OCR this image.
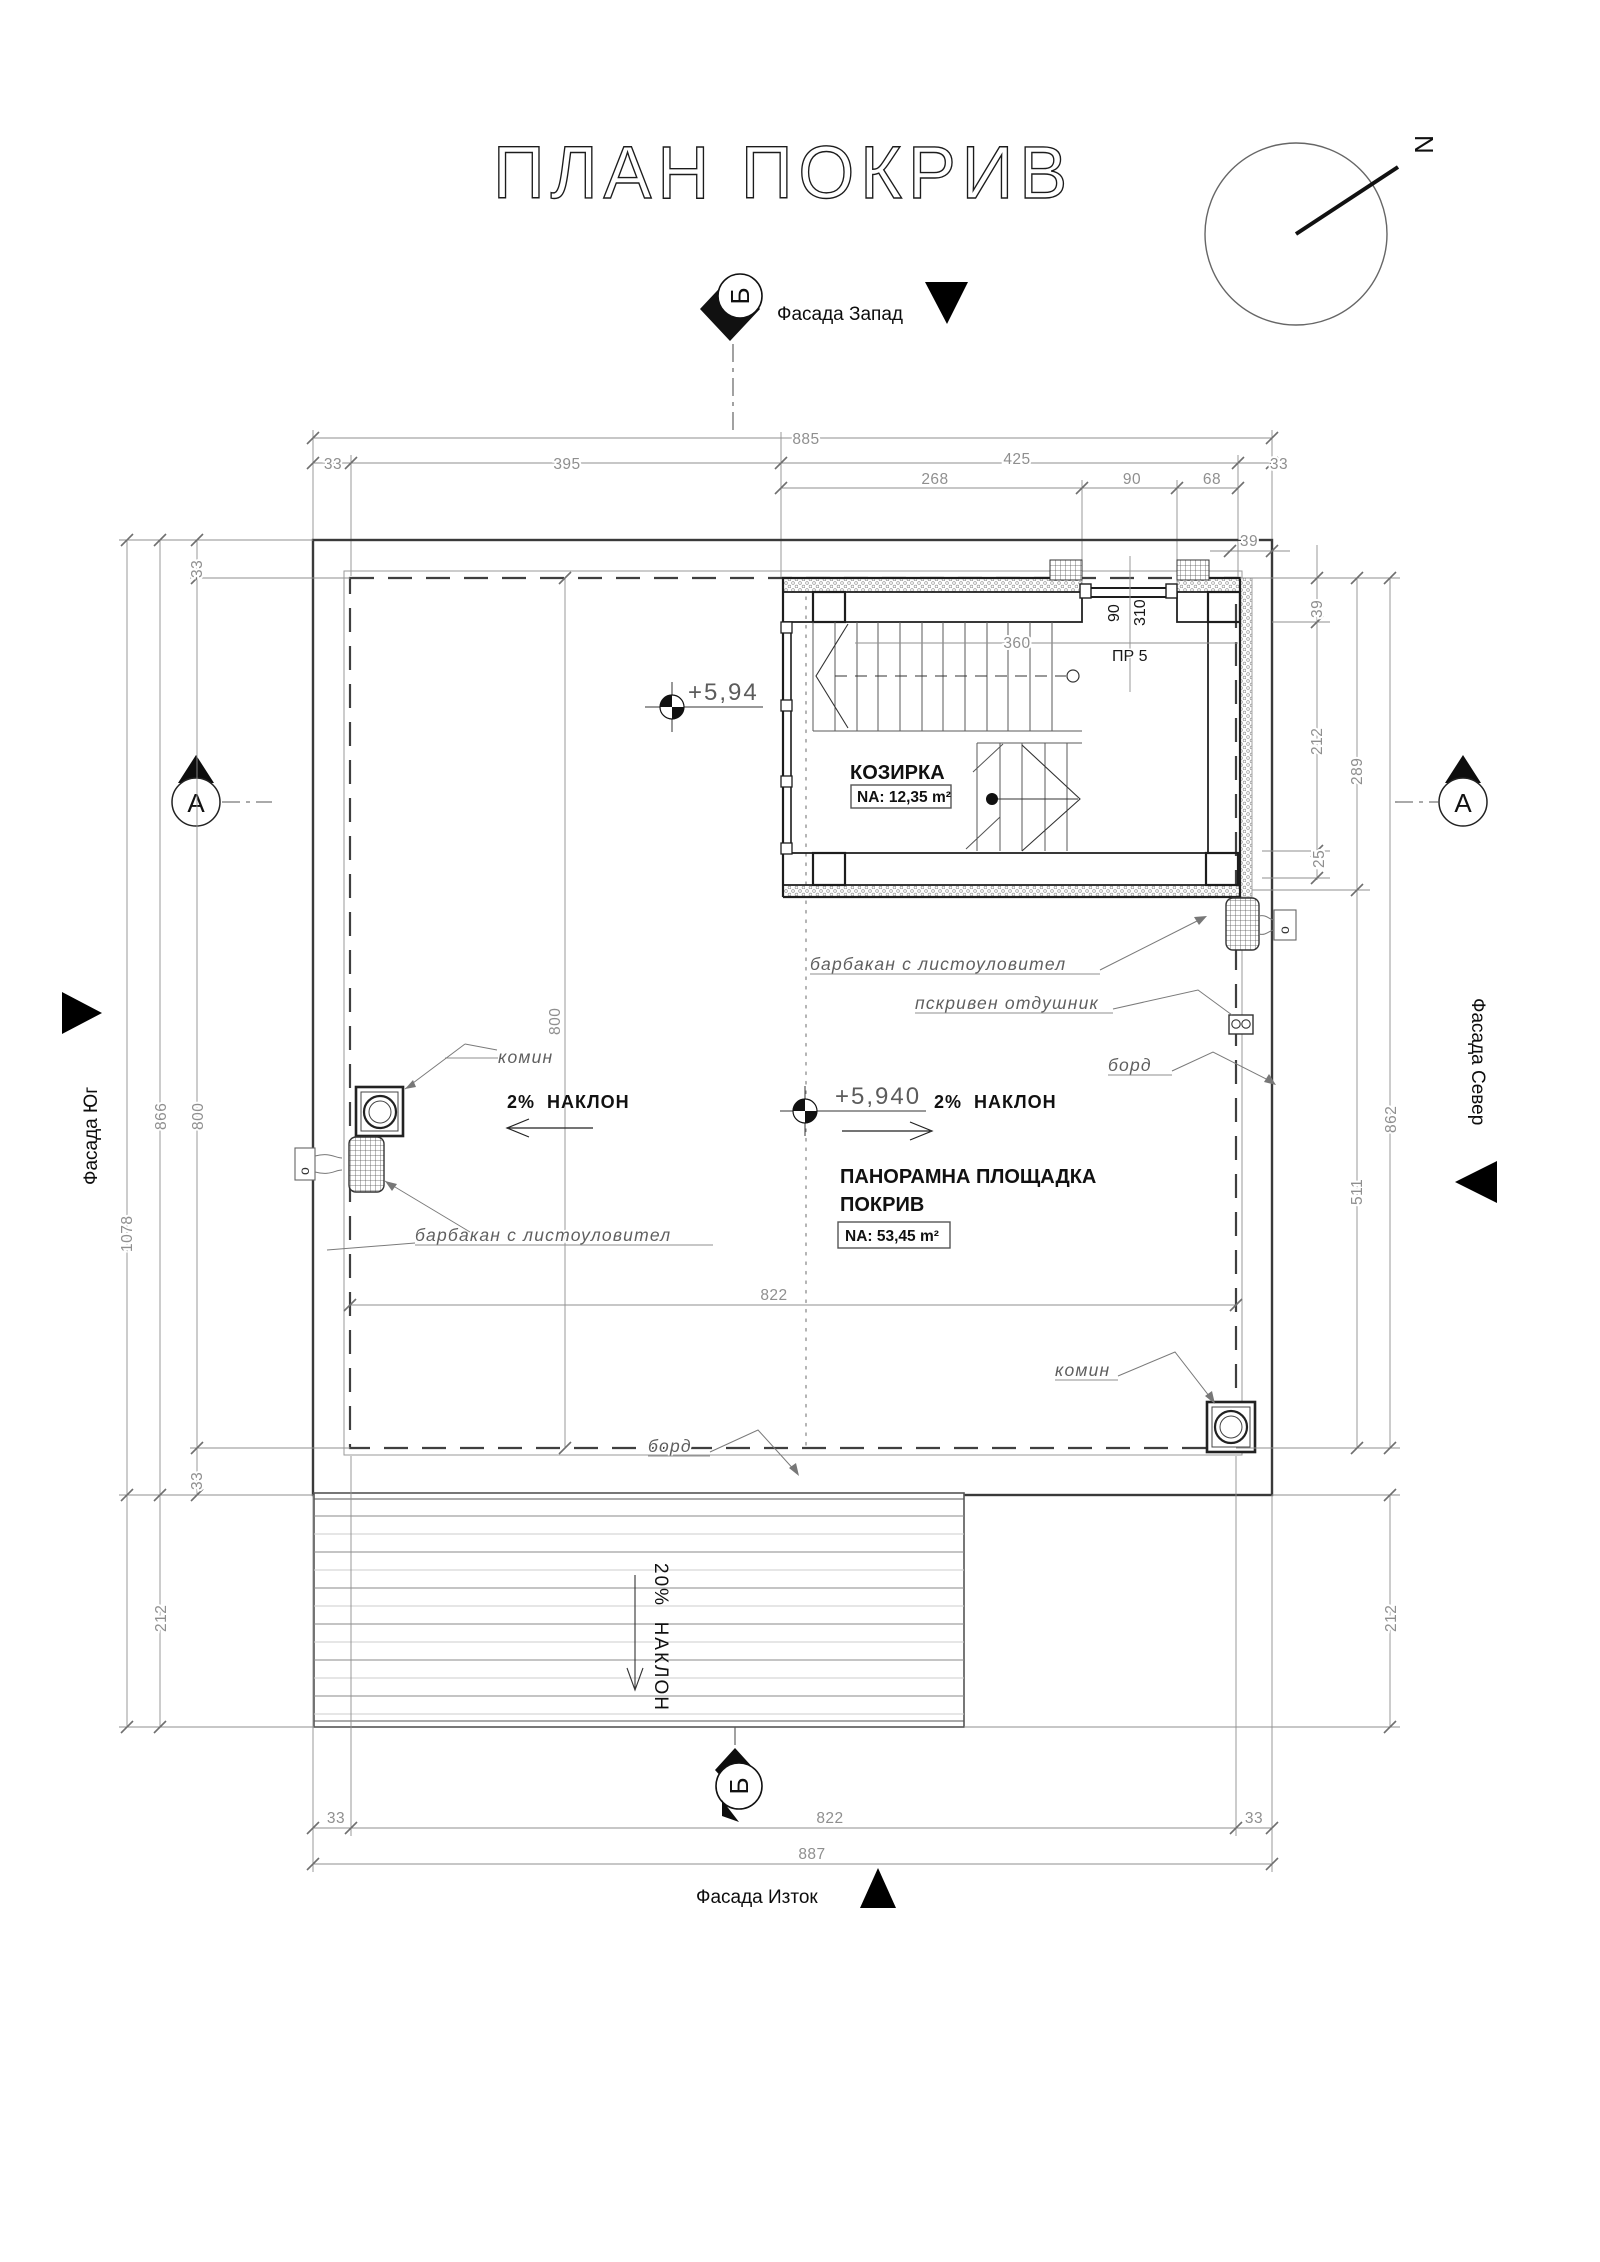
ПЛАН ПОКРИВ	N
Б
Фасада Запад
885
33	395	425	33
268	90	68
800
822
360
90 310
ПР 5
КОЗИРКА
NA: 12,35 m²
+5,94
+5,940
2%  НАКЛОН	2%  НАКЛОН
ПАНОРАМНА ПЛОЩАДКА
ПОКРИВ
NA: 53,45 m²
о
о
комин
барбакан с листоуловител
барбакан с листоуловител
пскривен отдушник
борд
борд
комин
20%  НАКЛОН
A	A
Фасада Юг
Фасада Север
33
800
866
1078
33
212
39
39
212
25
289
511
862
212
33	822	33
887
Б
Фасада Изток
